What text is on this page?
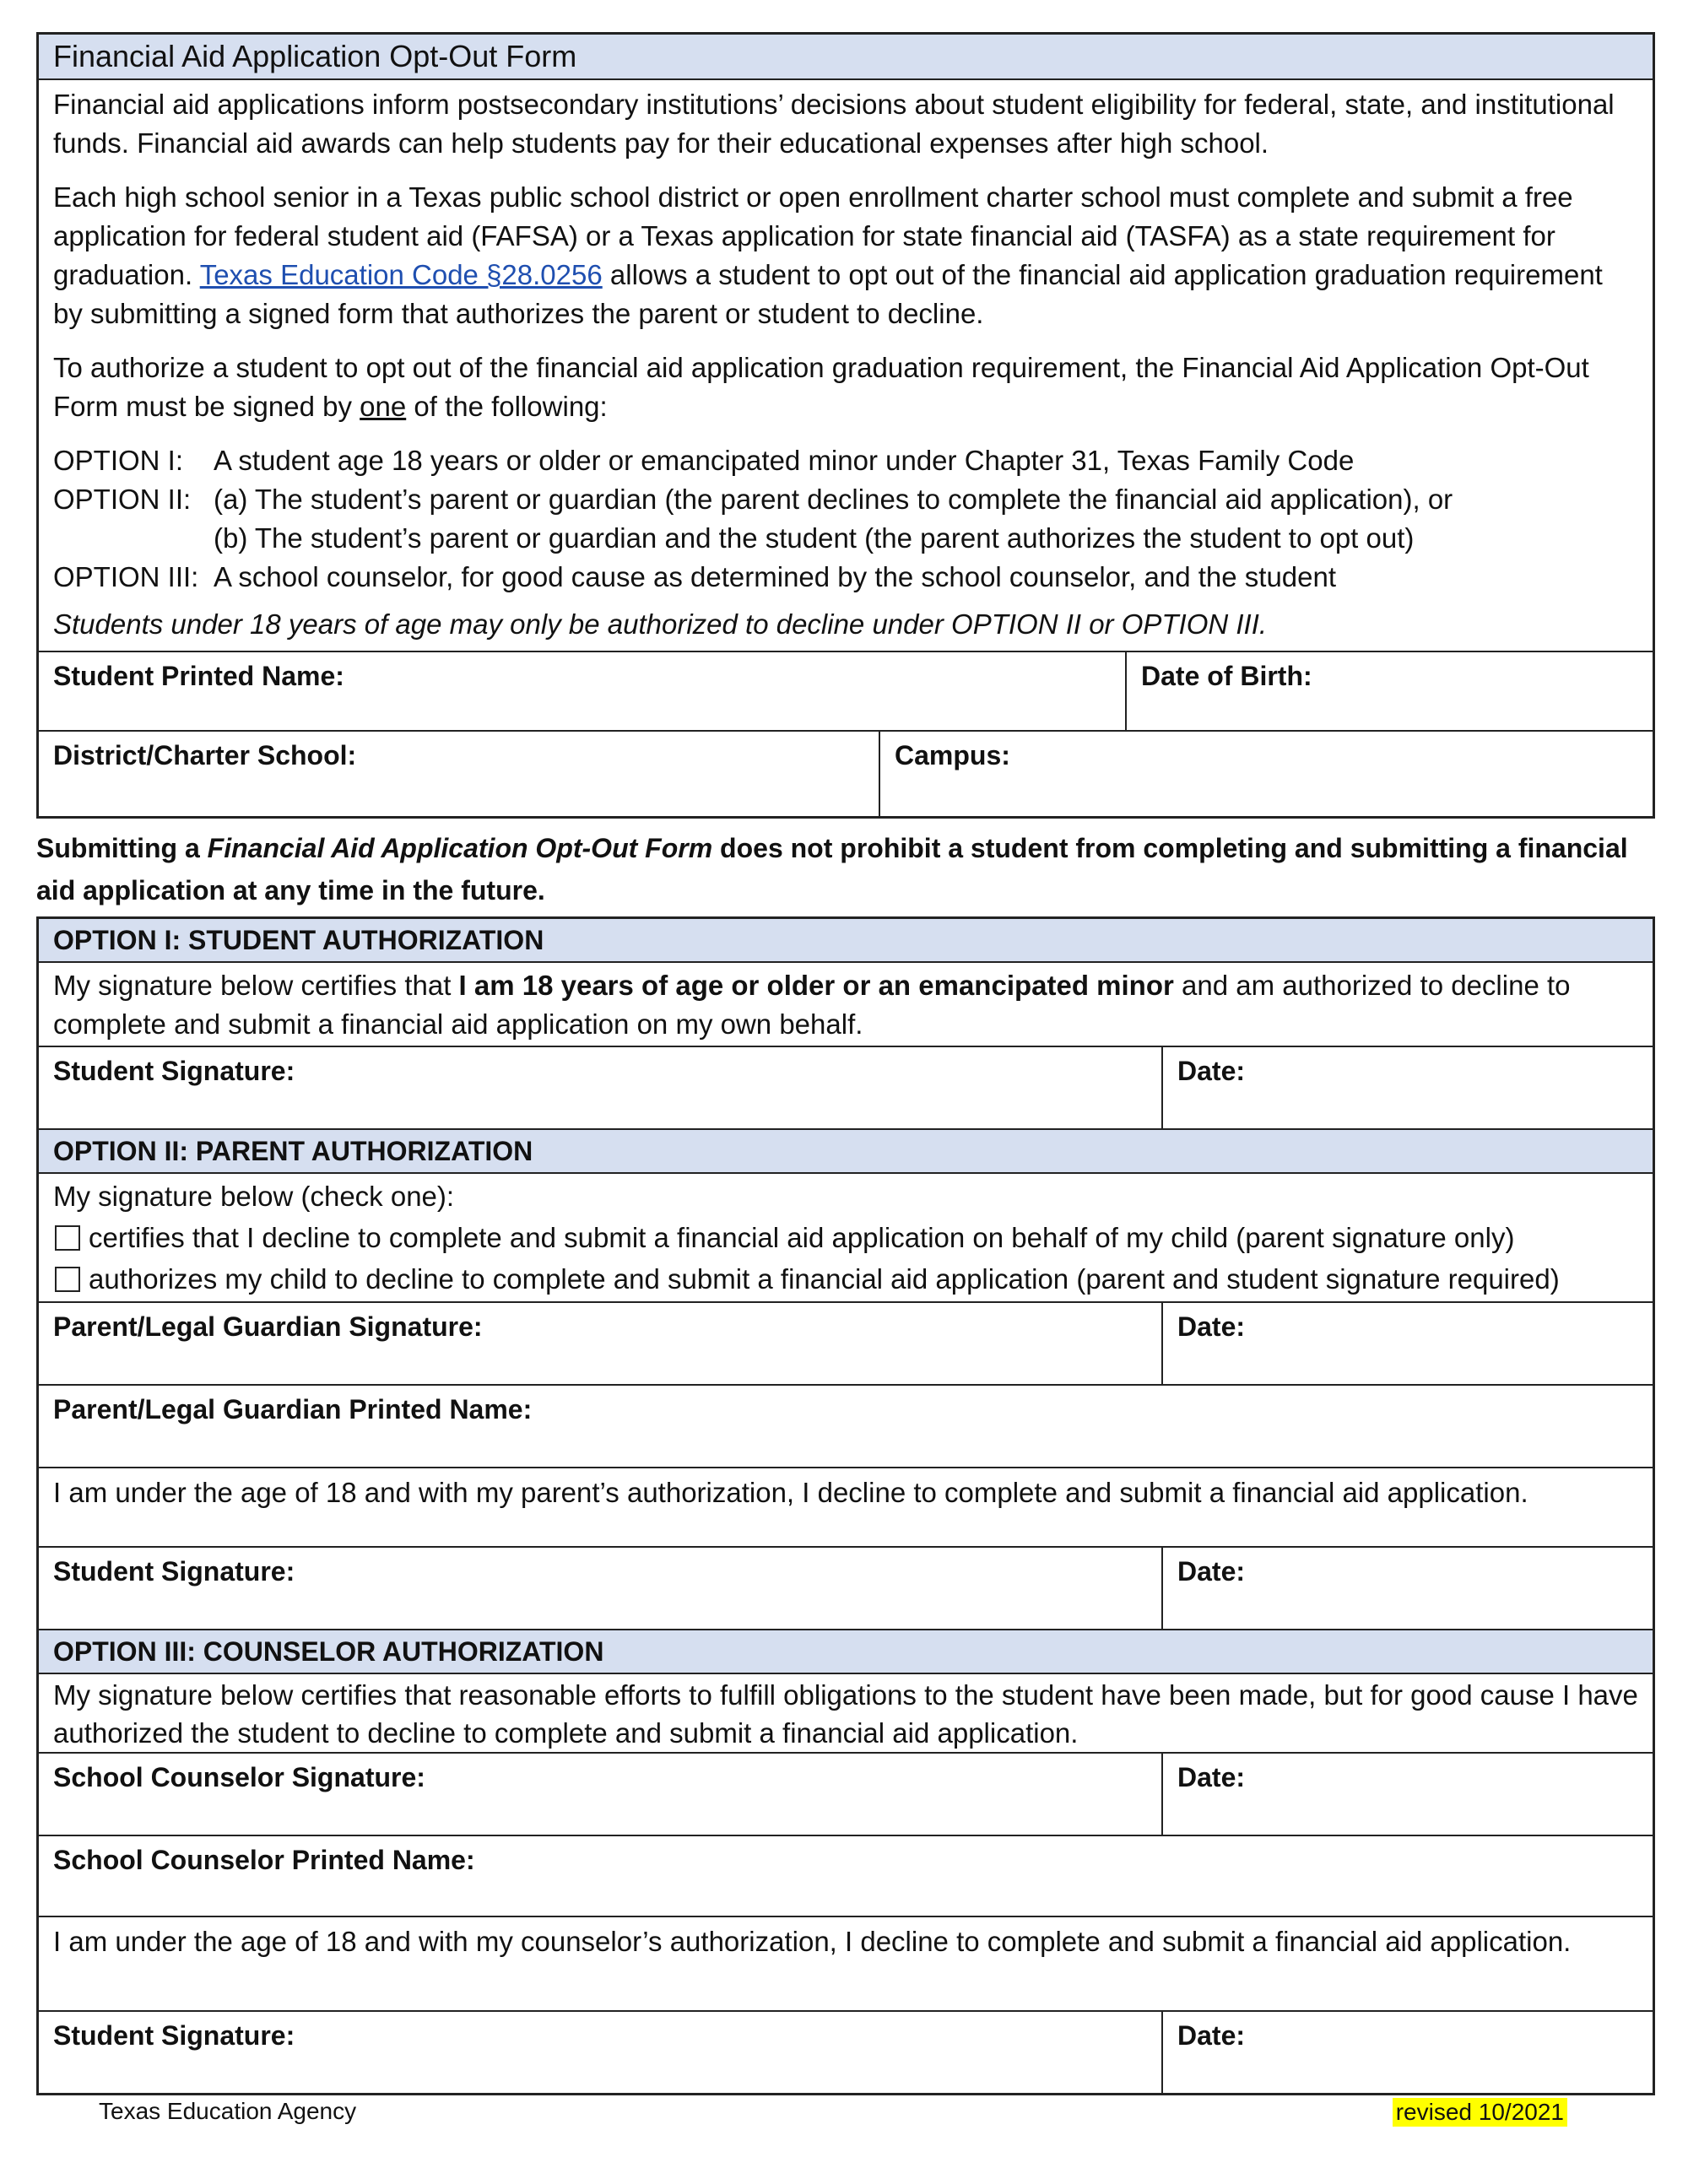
Financial Aid Application Opt-Out Form

Financial aid applications inform postsecondary institutions’ decisions about student eligibility for federal, state, and institutional funds. Financial aid awards can help students pay for their educational expenses after high school.

Each high school senior in a Texas public school district or open enrollment charter school must complete and submit a free application for federal student aid (FAFSA) or a Texas application for state financial aid (TASFA) as a state requirement for graduation. Texas Education Code §28.0256 allows a student to opt out of the financial aid application graduation requirement by submitting a signed form that authorizes the parent or student to decline.

To authorize a student to opt out of the financial aid application graduation requirement, the Financial Aid Application Opt-Out Form must be signed by one of the following:

OPTION I:	A student age 18 years or older or emancipated minor under Chapter 31, Texas Family Code
OPTION II: (a) The student’s parent or guardian (the parent declines to complete the financial aid application), or
(b) The student’s parent or guardian and the student (the parent authorizes the student to opt out)
OPTION III: A school counselor, for good cause as determined by the school counselor, and the student
Students under 18 years of age may only be authorized to decline under OPTION II or OPTION III.
Student Printed Name:	Date of Birth:
District/Charter School:	Campus:
Submitting a Financial Aid Application Opt-Out Form does not prohibit a student from completing and submitting a financial aid application at any time in the future.
OPTION I: STUDENT AUTHORIZATION
My signature below certifies that I am 18 years of age or older or an emancipated minor and am authorized to decline to complete and submit a financial aid application on my own behalf.
Student Signature:	Date:
OPTION II: PARENT AUTHORIZATION
My signature below (check one):
certifies that I decline to complete and submit a financial aid application on behalf of my child (parent signature only)
authorizes my child to decline to complete and submit a financial aid application (parent and student signature required)
Parent/Legal Guardian Signature:	Date:
Parent/Legal Guardian Printed Name:
I am under the age of 18 and with my parent’s authorization, I decline to complete and submit a financial aid application.
Student Signature:	Date:
OPTION III: COUNSELOR AUTHORIZATION
My signature below certifies that reasonable efforts to fulfill obligations to the student have been made, but for good cause I have authorized the student to decline to complete and submit a financial aid application.
School Counselor Signature:	Date:
School Counselor Printed Name:
I am under the age of 18 and with my counselor’s authorization, I decline to complete and submit a financial aid application.
Student Signature:	Date:
Texas Education Agency	revised 10/2021
